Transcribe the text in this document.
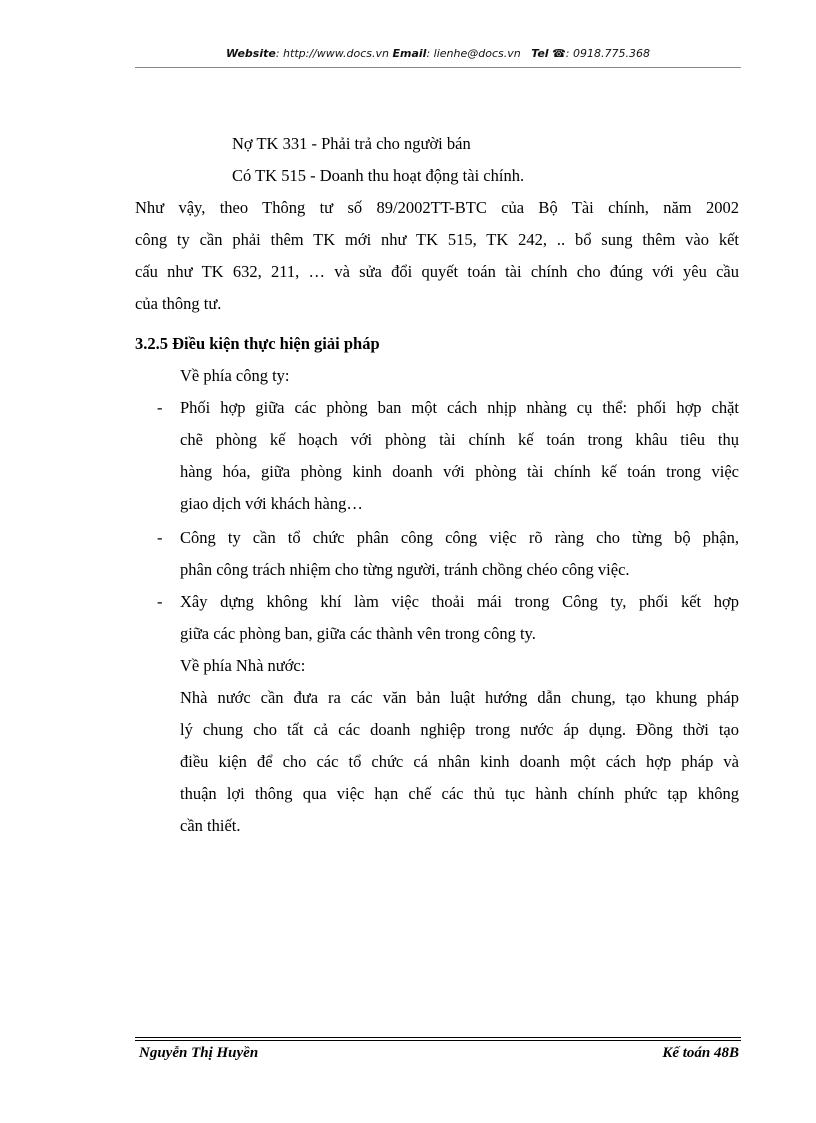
Website: http://www.docs.vn Email: lienhe@docs.vn Tel ☎: 0918.775.368
Nợ TK 331 - Phải trả cho người bán
Có TK 515 - Doanh thu hoạt động tài chính.
Như vậy, theo Thông tư số 89/2002TT-BTC của Bộ Tài chính, năm 2002
công ty cần phải thêm TK mới như TK 515, TK 242, .. bổ sung thêm vào kết
cấu như TK 632, 211, … và sửa đổi quyết toán tài chính cho đúng với yêu cầu
của thông tư.
3.2.5 Điều kiện thực hiện giải pháp
Về phía công ty:
- Phối hợp giữa các phòng ban một cách nhịp nhàng cụ thể: phối hợp chặt
chẽ phòng kế hoạch với phòng tài chính kế toán trong khâu tiêu thụ
hàng hóa, giữa phòng kinh doanh với phòng tài chính kế toán trong việc
giao dịch với khách hàng…
- Công ty cần tổ chức phân công công việc rõ ràng cho từng bộ phận,
phân công trách nhiệm cho từng người, tránh chồng chéo công việc.
- Xây dựng không khí làm việc thoải mái trong Công ty, phối kết hợp
giữa các phòng ban, giữa các thành vên trong công ty.
Về phía Nhà nước:
Nhà nước cần đưa ra các văn bản luật hướng dẫn chung, tạo khung pháp
lý chung cho tất cả các doanh nghiệp trong nước áp dụng. Đồng thời tạo
điều kiện để cho các tổ chức cá nhân kinh doanh một cách hợp pháp và
thuận lợi thông qua việc hạn chế các thủ tục hành chính phức tạp không
cần thiết.
Nguyễn Thị Huyền	Kế toán 48B
